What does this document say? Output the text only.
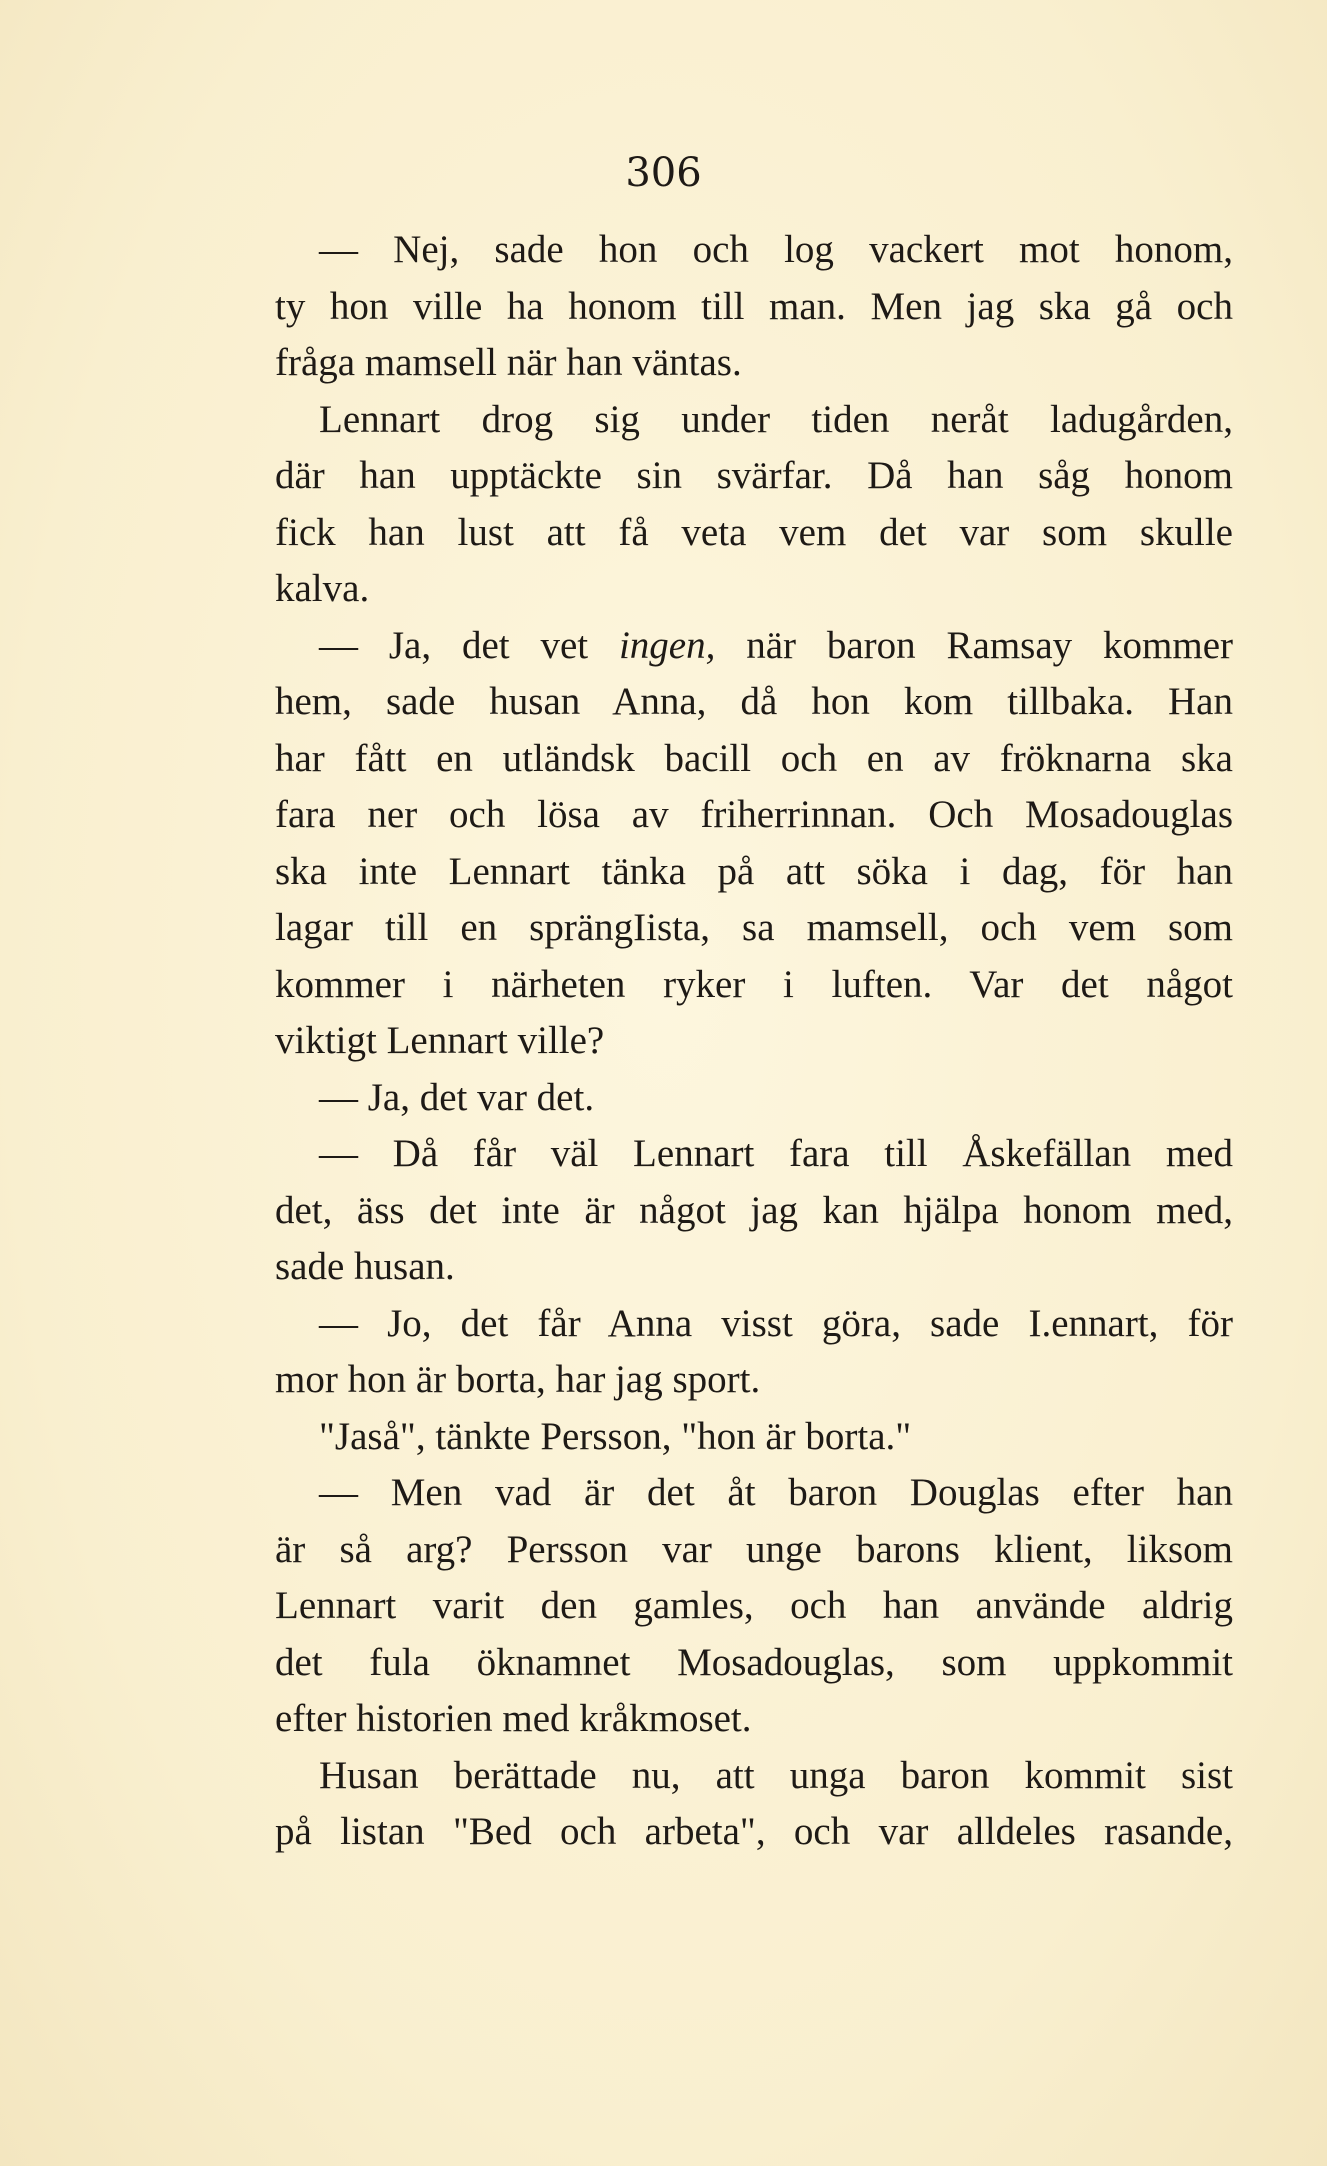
306
— Nej, sade hon och log vackert mot honom,
ty hon ville ha honom till man. Men jag ska gå och
fråga mamsell när han väntas.
Lennart drog sig under tiden neråt ladugården,
där han upptäckte sin svärfar. Då han såg honom
fick han lust att få veta vem det var som skulle
kalva.
— Ja, det vet ingen, när baron Ramsay kommer
hem, sade husan Anna, då hon kom tillbaka. Han
har fått en utländsk bacill och en av fröknarna ska
fara ner och lösa av friherrinnan. Och Mosadouglas
ska inte Lennart tänka på att söka i dag, för han
lagar till en sprängIista, sa mamsell, och vem som
kommer i närheten ryker i luften. Var det något
viktigt Lennart ville?
— Ja, det var det.
— Då får väl Lennart fara till Åskefällan med
det, äss det inte är något jag kan hjälpa honom med,
sade husan.
— Jo, det får Anna visst göra, sade I.ennart, för
mor hon är borta, har jag sport.
"Jaså", tänkte Persson, "hon är borta."
— Men vad är det åt baron Douglas efter han
är så arg? Persson var unge barons klient, liksom
Lennart varit den gamles, och han använde aldrig
det fula öknamnet Mosadouglas, som uppkommit
efter historien med kråkmoset.
Husan berättade nu, att unga baron kommit sist
på listan "Bed och arbeta", och var alldeles rasande,
